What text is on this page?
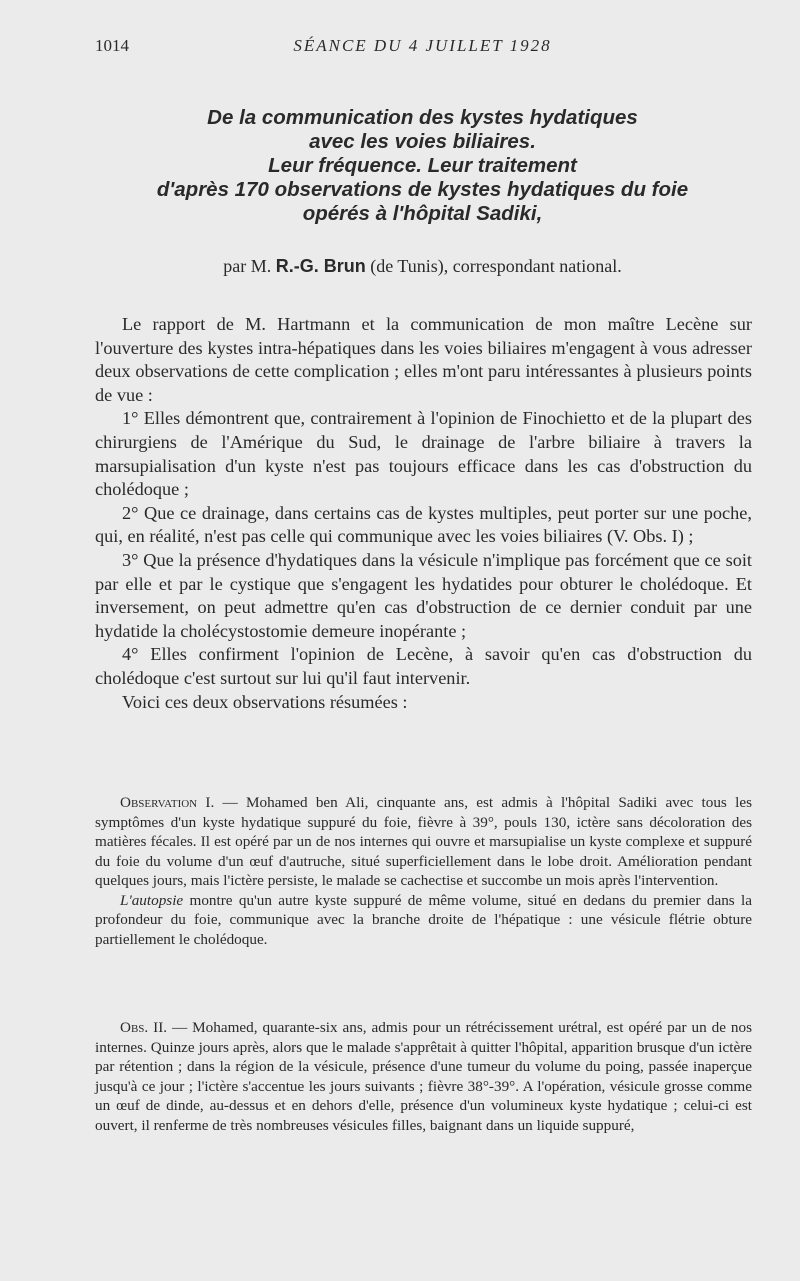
1014	SÉANCE DU 4 JUILLET 1928
De la communication des kystes hydatiques
avec les voies biliaires.
Leur fréquence. Leur traitement
d'après 170 observations de kystes hydatiques du foie
opérés à l'hôpital Sadiki,
par M. R.-G. Brun (de Tunis), correspondant national.

Le rapport de M. Hartmann et la communication de mon maître Lecène sur l'ouverture des kystes intra-hépatiques dans les voies biliaires m'engagent à vous adresser deux observations de cette complication ; elles m'ont paru intéressantes à plusieurs points de vue :

1° Elles démontrent que, contrairement à l'opinion de Finochietto et de la plupart des chirurgiens de l'Amérique du Sud, le drainage de l'arbre biliaire à travers la marsupialisation d'un kyste n'est pas toujours efficace dans les cas d'obstruction du cholédoque ;

2° Que ce drainage, dans certains cas de kystes multiples, peut porter sur une poche, qui, en réalité, n'est pas celle qui communique avec les voies biliaires (V. Obs. I) ;

3° Que la présence d'hydatiques dans la vésicule n'implique pas forcément que ce soit par elle et par le cystique que s'engagent les hydatides pour obturer le cholédoque. Et inversement, on peut admettre qu'en cas d'obstruction de ce dernier conduit par une hydatide la cholécystostomie demeure inopérante ;

4° Elles confirment l'opinion de Lecène, à savoir qu'en cas d'obstruction du cholédoque c'est surtout sur lui qu'il faut intervenir.

Voici ces deux observations résumées :

Observation I. — Mohamed ben Ali, cinquante ans, est admis à l'hôpital Sadiki avec tous les symptômes d'un kyste hydatique suppuré du foie, fièvre à 39°, pouls 130, ictère sans décoloration des matières fécales. Il est opéré par un de nos internes qui ouvre et marsupialise un kyste complexe et suppuré du foie du volume d'un œuf d'autruche, situé superficiellement dans le lobe droit. Amélioration pendant quelques jours, mais l'ictère persiste, le malade se cachectise et succombe un mois après l'intervention.

L'autopsie montre qu'un autre kyste suppuré de même volume, situé en dedans du premier dans la profondeur du foie, communique avec la branche droite de l'hépatique : une vésicule flétrie obture partiellement le cholédoque.

Obs. II. — Mohamed, quarante-six ans, admis pour un rétrécissement urétral, est opéré par un de nos internes. Quinze jours après, alors que le malade s'apprêtait à quitter l'hôpital, apparition brusque d'un ictère par rétention ; dans la région de la vésicule, présence d'une tumeur du volume du poing, passée inaperçue jusqu'à ce jour ; l'ictère s'accentue les jours suivants ; fièvre 38°-39°. A l'opération, vésicule grosse comme un œuf de dinde, au-dessus et en dehors d'elle, présence d'un volumineux kyste hydatique ; celui-ci est ouvert, il renferme de très nombreuses vésicules filles, baignant dans un liquide suppuré,
